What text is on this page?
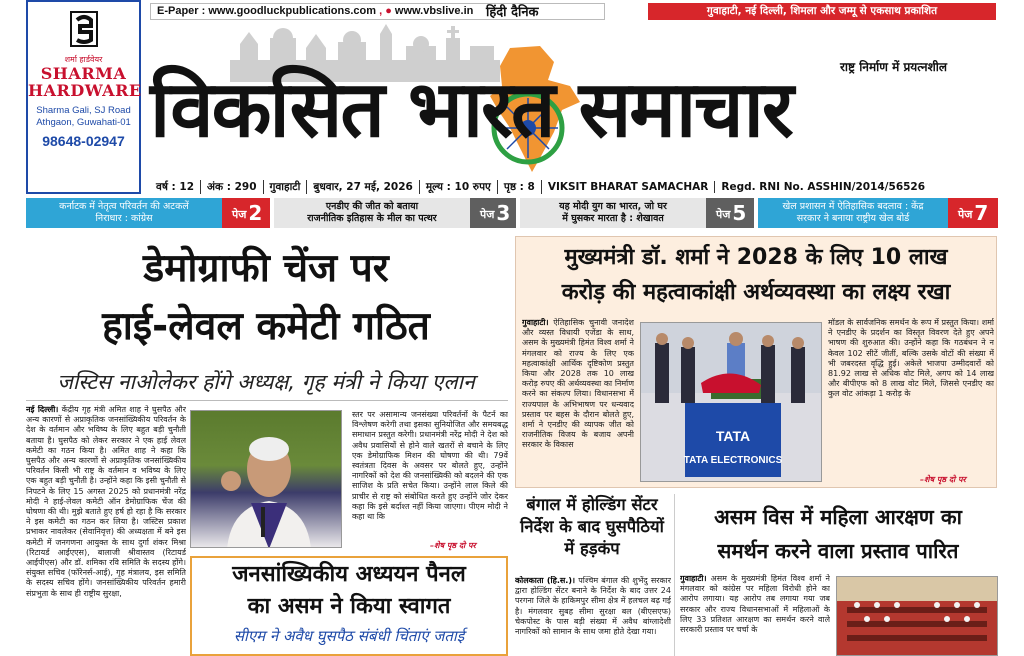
शर्मा हार्डवेयर
SHARMA
HARDWARE
Sharma Gali, SJ Road
Athgaon, Guwahati-01
98648-02947
E-Paper : www.goodluckpublications.com , ● www.vbslive.in हिंदी दैनिक	गुवाहाटी, नई दिल्ली, शिमला और जम्मू से एकसाथ प्रकाशित
राष्ट्र निर्माण में प्रयत्नशील
विकसित भारत समाचार
वर्ष : 12	अंक : 290	गुवाहाटी	बुधवार, 27 मई, 2026	मूल्य : 10 रुपए	पृष्ठ : 8	VIKSIT BHARAT SAMACHAR	Regd. RNI No. ASSHIN/2014/56526
कर्नाटक में नेतृत्व परिवर्तन की अटकलें
निराधार : कांग्रेस	पेज 2	एनडीए की जीत को बताया
राजनीतिक इतिहास के मील का पत्थर	पेज 3	यह मोदी युग का भारत, जो घर
में घुसकर मारता है : शेखावत	पेज 5	खेल प्रशासन में ऐतिहासिक बदलाव : केंद्र
सरकार ने बनाया राष्ट्रीय खेल बोर्ड	पेज 7
डेमोग्राफी चेंज पर
हाई-लेवल कमेटी गठित
जस्टिस नाओलेकर होंगे अध्यक्ष, गृह मंत्री ने किया एलान
नई दिल्ली। केंद्रीय गृह मंत्री अमित शाह ने घुसपैठ और अन्य कारणों से अप्राकृतिक जनसांख्यिकीय परिवर्तन के देश के वर्तमान और भविष्य के लिए बहुत बड़ी चुनौती बताया है। घुसपैठ को लेकर सरकार ने एक हाई लेवल कमेटी का गठन किया है। अमित शाह ने कहा कि घुसपैठ और अन्य कारणों से अप्राकृतिक जनसांख्यिकीय परिवर्तन किसी भी राष्ट्र के वर्तमान व भविष्य के लिए एक बहुत बड़ी चुनौती है। उन्होंने कहा कि इसी चुनौती से निपटने के लिए 15 अगस्त 2025 को प्रधानमंत्री नरेंद्र मोदी ने हाई-लेवल कमेटी ऑन डेमोग्राफिक चेंज की घोषणा की थी। मुझे बताते हुए हर्ष हो रहा है कि सरकार ने इस कमेटी का गठन कर लिया है। जस्टिस प्रकाश प्रभाकर नावलेकर (सेवानिवृत्त) की अध्यक्षता में बने इस कमेटी में जनगणना आयुक्त के साथ दुर्गा शंकर मिश्रा (रिटायर्ड आईएएस), बालाजी श्रीवास्तव (रिटायर्ड आईपीएस) और डॉ. शमिका रवि समिति के सदस्य होंगे। संयुक्त सचिव (फॉरेनर्स-आई), गृह मंत्रालय, इस समिति के सदस्य सचिव होंगे। जनसांख्यिकीय परिवर्तन हमारी संप्रभुता के साथ ही राष्ट्रीय सुरक्षा,
स्तर पर असामान्य जनसंख्या परिवर्तनों के पैटर्न का विश्लेषण करेगी तथा इसका सुनियोजित और समयबद्ध समाधान प्रस्तुत करेगी। प्रधानमंत्री नरेंद्र मोदी ने देश को अवैध प्रवासियों से होने वाले खतरों से बचाने के लिए एक डेमोग्राफिक मिशन की घोषणा की थी। 79वें स्वतंत्रता दिवस के अवसर पर बोलते हुए, उन्होंने नागरिकों को देश की जनसांख्यिकी को बदलने की एक साजिश के प्रति सचेत किया। उन्होंने लाल किले की प्राचीर से राष्ट्र को संबोधित करते हुए उन्होंने जोर देकर कहा कि इसे बर्दाश्त नहीं किया जाएगा। पीएम मोदी ने कहा था कि
–शेष पृष्ठ दो पर
जनसांख्यिकीय अध्ययन पैनल
का असम ने किया स्वागत
सीएम ने अवैध घुसपैठ संबंधी चिंताएं जताई
मुख्यमंत्री डॉ. शर्मा ने 2028 के लिए 10 लाख
करोड़ की महत्वाकांक्षी अर्थव्यवस्था का लक्ष्य रखा
गुवाहाटी। ऐतिहासिक चुनावी जनादेश और व्यस्त विधायी एजेंडा के साथ, असम के मुख्यमंत्री हिमंत विश्व शर्मा ने मंगलवार को राज्य के लिए एक महत्वाकांक्षी आर्थिक दृष्टिकोण प्रस्तुत किया और 2028 तक 10 लाख करोड़ रुपए की अर्थव्यवस्था का निर्माण करने का संकल्प लिया। विधानसभा में राज्यपाल के अभिभाषण पर धन्यवाद प्रस्ताव पर बहस के दौरान बोलते हुए, शर्मा ने एनडीए की व्यापक जीत को राजनीतिक विजय के बजाय अपनी सरकार के विकास
TATA
TATA ELECTRONICS
मॉडल के सार्वजनिक समर्थन के रूप में प्रस्तुत किया। शर्मा ने एनडीए के प्रदर्शन का विस्तृत विवरण देते हुए अपने भाषण की शुरुआत की। उन्होंने कहा कि गठबंधन ने न केवल 102 सीटें जीतीं, बल्कि उसके वोटों की संख्या में भी जबरदस्त वृद्धि हुई। अकेले भाजपा उम्मीदवारों को 81.92 लाख से अधिक वोट मिले, अगप को 14 लाख और बीपीएफ को 8 लाख वोट मिले, जिससे एनडीए का कुल वोट आंकड़ा 1 करोड़ के
–शेष पृष्ठ दो पर
बंगाल में होल्डिंग सेंटर निर्देश के बाद घुसपैठियों में हड़कंप
कोलकाता (हि.स.)। पश्चिम बंगाल की शुभेंदु सरकार द्वारा होल्डिंग सेंटर बनाने के निर्देश के बाद उत्तर 24 परगना जिले के हाकिमपुर सीमा क्षेत्र में हलचल बढ़ गई है। मंगलवार सुबह सीमा सुरक्षा बल (बीएसएफ) चेकपोस्ट के पास बड़ी संख्या में अवैध बांग्लादेशी नागरिकों को सामान के साथ जमा होते देखा गया।
असम विस में महिला आरक्षण का
समर्थन करने वाला प्रस्ताव पारित
गुवाहाटी। असम के मुख्यमंत्री हिमंत विश्व शर्मा ने मंगलवार को कांग्रेस पर महिला विरोधी होने का आरोप लगाया। यह आरोप तब लगाया गया जब सरकार और राज्य विधानसभाओं में महिलाओं के लिए 33 प्रतिशत आरक्षण का समर्थन करने वाले सरकारी प्रस्ताव पर चर्चा के
